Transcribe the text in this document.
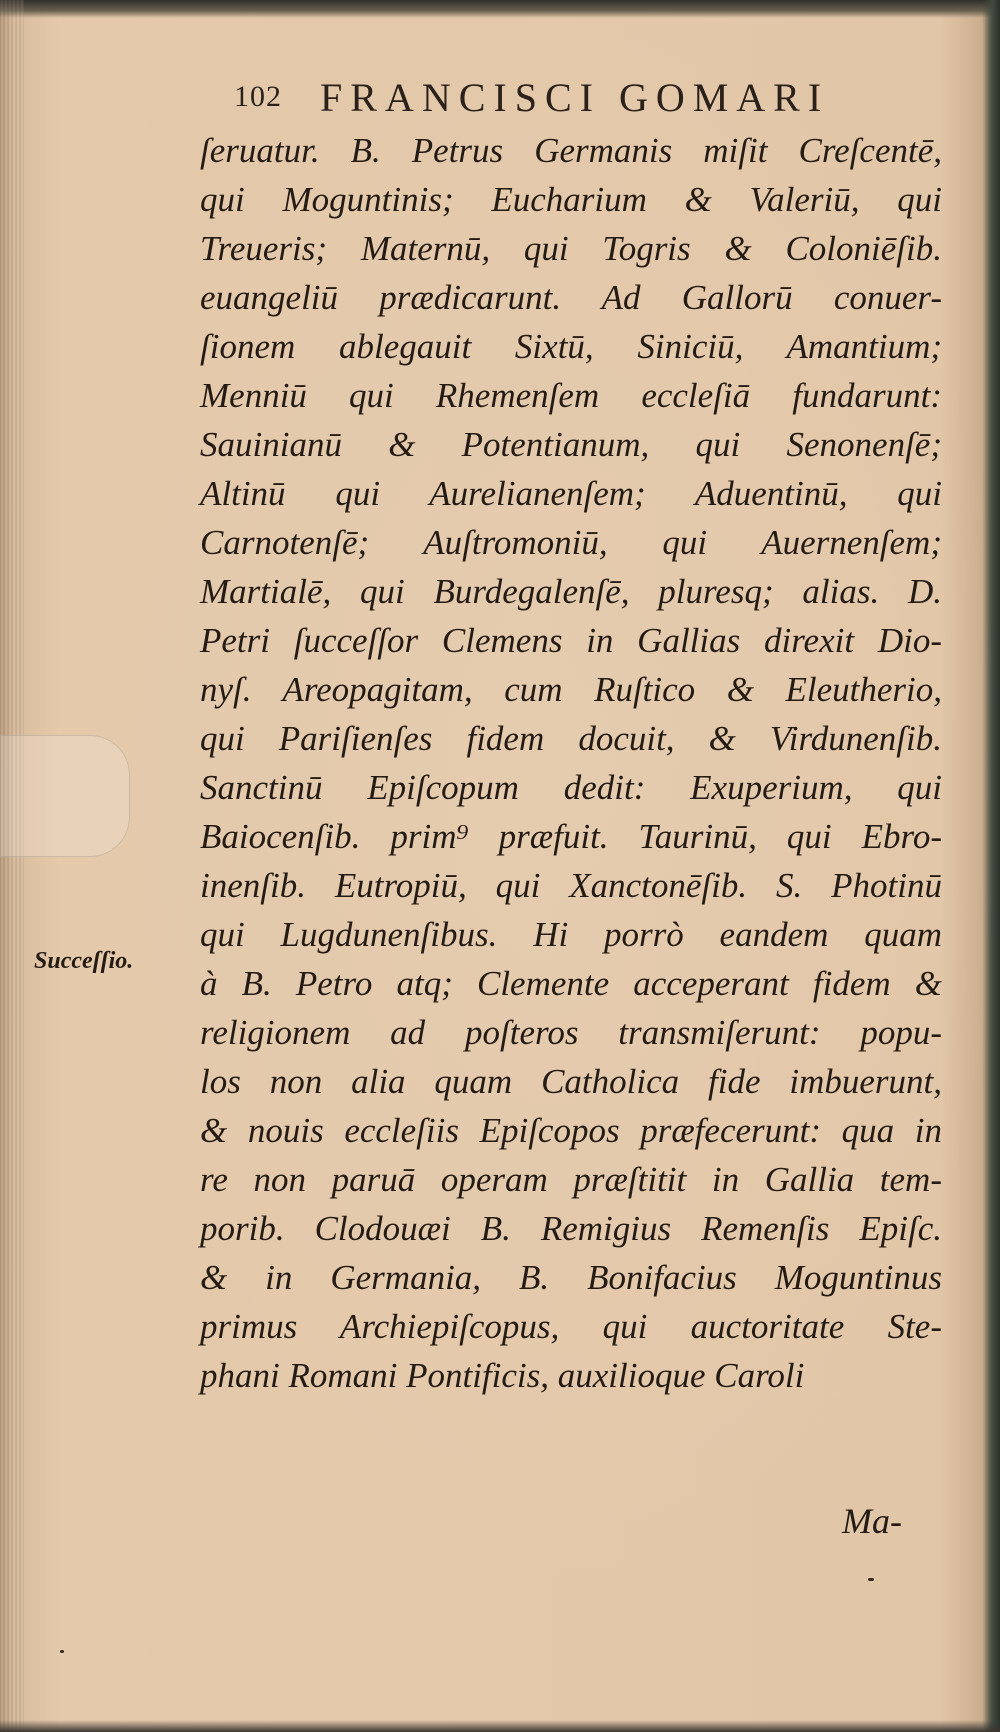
102 FRANCISCI GOMARI
Succeſſio.
ſeruatur. B. Petrus Germanis miſit Creſcentē,
qui Moguntinis; Eucharium & Valeriū, qui
Treueris; Maternū, qui Togris & Coloniēſib.
euangeliū prædicarunt. Ad Gallorū conuer-
ſionem ablegauit Sixtū, Siniciū, Amantium;
Menniū qui Rhemenſem eccleſiā fundarunt:
Sauinianū & Potentianum, qui Senonenſē;
Altinū qui Aurelianenſem; Aduentinū, qui
Carnotenſē; Auſtromoniū, qui Auernenſem;
Martialē, qui Burdegalenſē, pluresq; alias. D.
Petri ſucceſſor Clemens in Gallias direxit Dio-
nyſ. Areopagitam, cum Ruſtico & Eleutherio,
qui Pariſienſes fidem docuit, & Virdunenſib.
Sanctinū Epiſcopum dedit: Exuperium, qui
Baiocenſib. prim⁹ præfuit. Taurinū, qui Ebro-
inenſib. Eutropiū, qui Xanctonēſib. S. Photinū
qui Lugdunenſibus. Hi porrò eandem quam
à B. Petro atq; Clemente acceperant fidem &
religionem ad poſteros transmiſerunt: popu-
los non alia quam Catholica fide imbuerunt,
& nouis eccleſiis Epiſcopos præfecerunt: qua in
re non paruā operam præſtitit in Gallia tem-
porib. Clodouæi B. Remigius Remenſis Epiſc.
& in Germania, B. Bonifacius Moguntinus
primus Archiepiſcopus, qui auctoritate Ste-
phani Romani Pontificis, auxilioque Caroli
Ma-
